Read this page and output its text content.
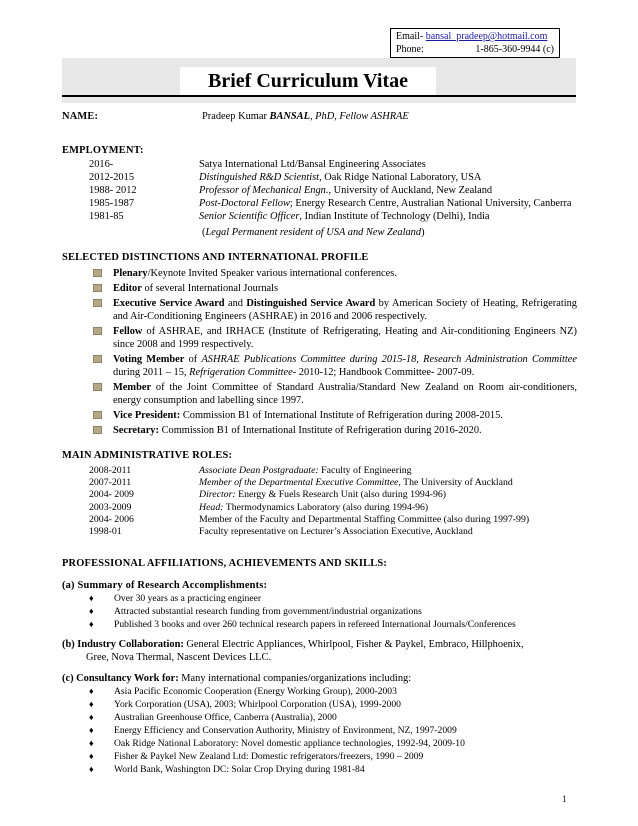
Email- bansal_pradeep@hotmail.com
Phone:	1-865-360-9944 (c)
Brief Curriculum Vitae
NAME:	Pradeep Kumar BANSAL, PhD, Fellow ASHRAE
EMPLOYMENT:
2016-	Satya International Ltd/Bansal Engineering Associates
2012-2015	Distinguished R&D Scientist, Oak Ridge National Laboratory, USA
1988- 2012	Professor of Mechanical Engn., University of Auckland, New Zealand
1985-1987	Post-Doctoral Fellow; Energy Research Centre, Australian National University, Canberra
1981-85	Senior Scientific Officer, Indian Institute of Technology (Delhi), India
(Legal Permanent resident of USA and New Zealand)
SELECTED DISTINCTIONS AND INTERNATIONAL PROFILE
Plenary/Keynote Invited Speaker various international conferences.
Editor of several International Journals
Executive Service Award and Distinguished Service Award by American Society of Heating, Refrigerating and Air-Conditioning Engineers (ASHRAE) in 2016 and 2006 respectively.
Fellow of ASHRAE, and IRHACE (Institute of Refrigerating, Heating and Air-conditioning Engineers NZ) since 2008 and 1999 respectively.
Voting Member of ASHRAE Publications Committee during 2015-18, Research Administration Committee during 2011 – 15, Refrigeration Committee- 2010-12; Handbook Committee- 2007-09.
Member of the Joint Committee of Standard Australia/Standard New Zealand on Room air-conditioners, energy consumption and labelling since 1997.
Vice President: Commission B1 of International Institute of Refrigeration during 2008-2015.
Secretary: Commission B1 of International Institute of Refrigeration during 2016-2020.
MAIN ADMINISTRATIVE ROLES:
2008-2011	Associate Dean Postgraduate: Faculty of Engineering
2007-2011	Member of the Departmental Executive Committee, The University of Auckland
2004- 2009	Director: Energy & Fuels Research Unit (also during 1994-96)
2003-2009	Head: Thermodynamics Laboratory (also during 1994-96)
2004- 2006	Member of the Faculty and Departmental Staffing Committee (also during 1997-99)
1998-01	Faculty representative on Lecturer’s Association Executive, Auckland
PROFESSIONAL AFFILIATIONS, ACHIEVEMENTS AND SKILLS:
(a) Summary of Research Accomplishments:
♦ Over 30 years as a practicing engineer
♦ Attracted substantial research funding from government/industrial organizations
♦ Published 3 books and over 260 technical research papers in refereed International Journals/Conferences
(b) Industry Collaboration: General Electric Appliances, Whirlpool, Fisher & Paykel, Embraco, Hillphoenix,
Gree, Nova Thermal, Nascent Devices LLC.
(c) Consultancy Work for: Many international companies/organizations including:
♦ Asia Pacific Economic Cooperation (Energy Working Group), 2000-2003
♦ York Corporation (USA), 2003; Whirlpool Corporation (USA), 1999-2000
♦ Australian Greenhouse Office, Canberra (Australia), 2000
♦ Energy Efficiency and Conservation Authority, Ministry of Environment, NZ, 1997-2009
♦ Oak Ridge National Laboratory: Novel domestic appliance technologies, 1992-94, 2009-10
♦ Fisher & Paykel New Zealand Ltd: Domestic refrigerators/freezers, 1990 – 2009
♦ World Bank, Washington DC: Solar Crop Drying during 1981-84
1
